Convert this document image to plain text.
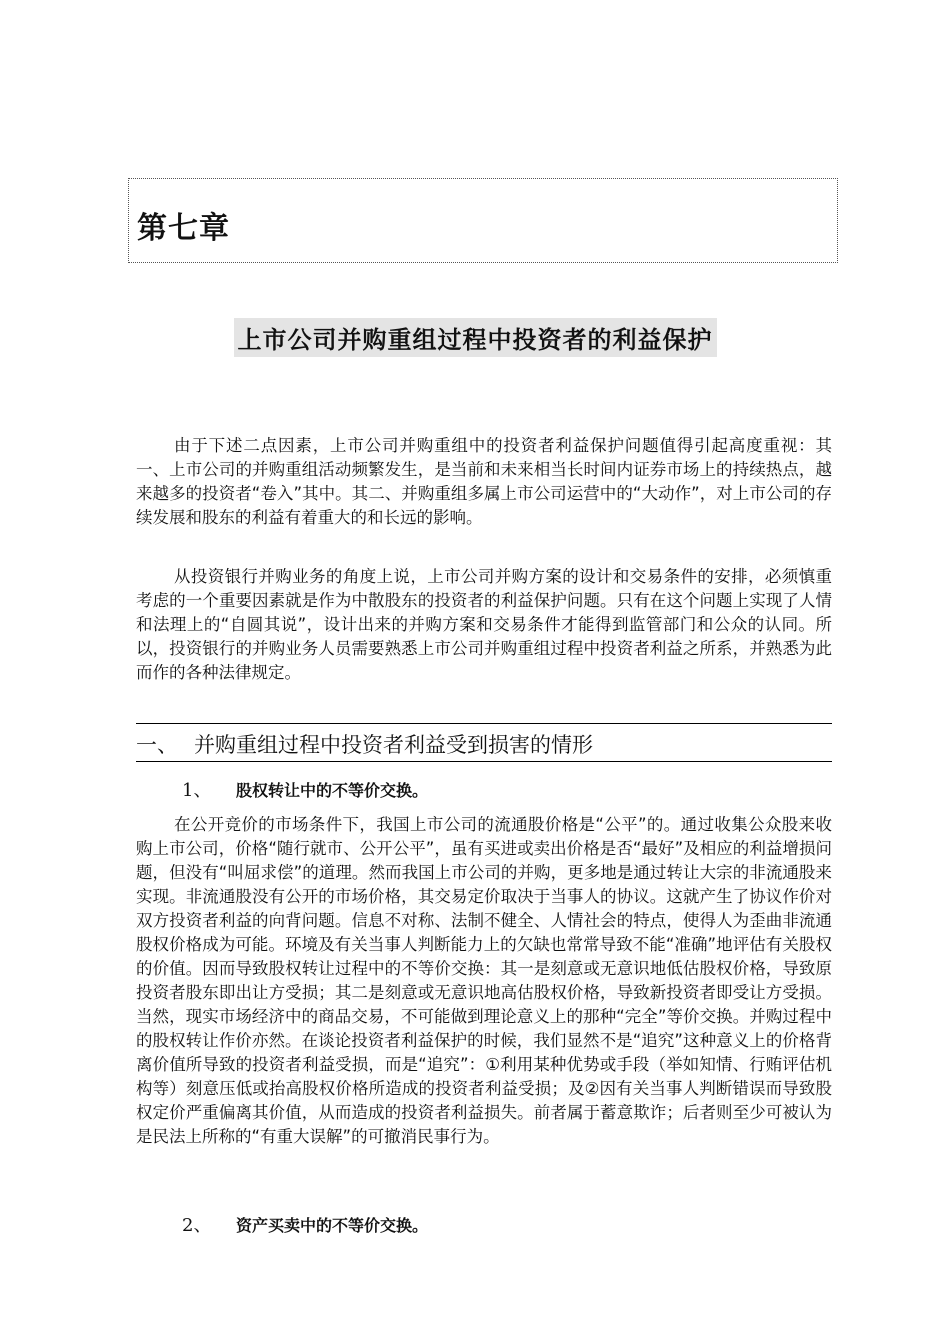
第七章
上市公司并购重组过程中投资者的利益保护

由于下述二点因素，上市公司并购重组中的投资者利益保护问题值得引起高度重视：其一、上市公司的并购重组活动频繁发生，是当前和未来相当长时间内证券市场上的持续热点，越来越多的投资者“卷入”其中。其二、并购重组多属上市公司运营中的“大动作”，对上市公司的存续发展和股东的利益有着重大的和长远的影响。

从投资银行并购业务的角度上说，上市公司并购方案的设计和交易条件的安排，必须慎重考虑的一个重要因素就是作为中散股东的投资者的利益保护问题。只有在这个问题上实现了人情和法理上的“自圆其说”，设计出来的并购方案和交易条件才能得到监管部门和公众的认同。所以，投资银行的并购业务人员需要熟悉上市公司并购重组过程中投资者利益之所系，并熟悉为此而作的各种法律规定。

一、 并购重组过程中投资者利益受到损害的情形
1、 股权转让中的不等价交换。

在公开竞价的市场条件下，我国上市公司的流通股价格是“公平”的。通过收集公众股来收购上市公司，价格“随行就市、公开公平”，虽有买进或卖出价格是否“最好”及相应的利益增损问题，但没有“叫屈求偿”的道理。然而我国上市公司的并购，更多地是通过转让大宗的非流通股来实现。非流通股没有公开的市场价格，其交易定价取决于当事人的协议。这就产生了协议作价对双方投资者利益的向背问题。信息不对称、法制不健全、人情社会的特点，使得人为歪曲非流通股权价格成为可能。环境及有关当事人判断能力上的欠缺也常常导致不能“准确”地评估有关股权的价值。因而导致股权转让过程中的不等价交换：其一是刻意或无意识地低估股权价格，导致原投资者股东即出让方受损；其二是刻意或无意识地高估股权价格，导致新投资者即受让方受损。当然，现实市场经济中的商品交易，不可能做到理论意义上的那种“完全”等价交换。并购过程中的股权转让作价亦然。在谈论投资者利益保护的时候，我们显然不是“追究”这种意义上的价格背离价值所导致的投资者利益受损，而是“追究”：①利用某种优势或手段（举如知情、行贿评估机构等）刻意压低或抬高股权价格所造成的投资者利益受损；及②因有关当事人判断错误而导致股权定价严重偏离其价值，从而造成的投资者利益损失。前者属于蓄意欺诈；后者则至少可被认为是民法上所称的“有重大误解”的可撤消民事行为。

2、 资产买卖中的不等价交换。
